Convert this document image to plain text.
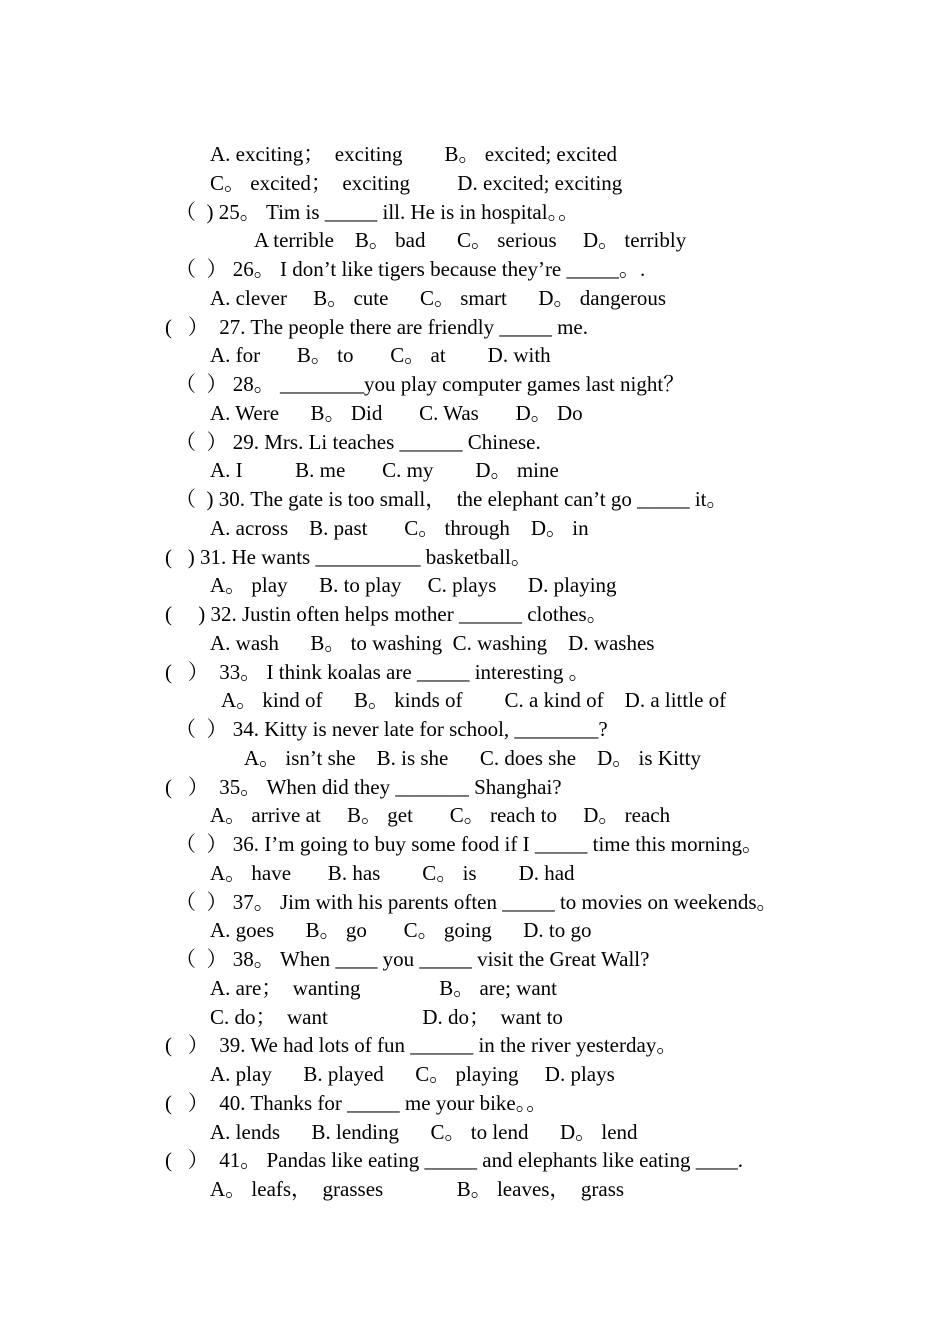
A. exciting；  exciting        B。 excited; excited
C。 excited；  exciting         D. excited; exciting
（  ) 25。 Tim is _____ ill. He is in hospital。。
A terrible    B。 bad      C。 serious     D。 terribly
（  ） 26。 I don’t like tigers because they’re _____。.
A. clever     B。 cute      C。 smart      D。 dangerous
(   ）  27. The people there are friendly _____ me.
A. for       B。 to       C。 at        D. with
（  ） 28。 ________you play computer games last night？
A. Were      B。 Did       C. Was       D。 Do
（  ） 29. Mrs. Li teaches ______ Chinese.
A. I          B. me       C. my        D。 mine
（  ) 30. The gate is too small，  the elephant can’t go _____ it。
A. across    B. past       C。 through    D。 in
(   ) 31. He wants __________ basketball。
A。 play      B. to play     C. plays      D. playing
(     ) 32. Justin often helps mother ______ clothes。
A. wash      B。 to washing  C. washing    D. washes
(   ）  33。 I think koalas are _____ interesting 。
A。 kind of      B。 kinds of        C. a kind of    D. a little of
（  ） 34. Kitty is never late for school, ________?
A。 isn’t she    B. is she      C. does she    D。 is Kitty
(   ）  35。 When did they _______ Shanghai?
A。 arrive at     B。 get       C。 reach to     D。 reach
（  ） 36. I’m going to buy some food if I _____ time this morning。
A。 have       B. has        C。 is        D. had
（  ） 37。 Jim with his parents often _____ to movies on weekends。
A. goes      B。 go       C。 going      D. to go
（  ） 38。 When ____ you _____ visit the Great Wall?
A. are；  wanting               B。 are; want
C. do；  want                  D. do；  want to
(   ）  39. We had lots of fun ______ in the river yesterday。
A. play      B. played      C。 playing     D. plays
(   ）  40. Thanks for _____ me your bike。。
A. lends      B. lending      C。 to lend      D。 lend
(   ）  41。 Pandas like eating _____ and elephants like eating ____.
A。 leafs，  grasses              B。 leaves，  grass
